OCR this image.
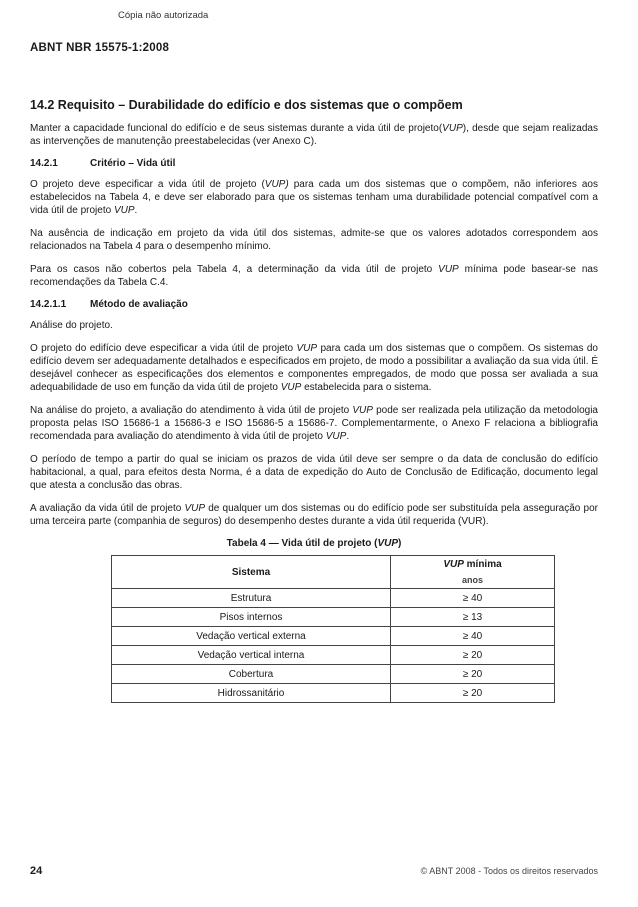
Cópia não autorizada
ABNT NBR 15575-1:2008
14.2 Requisito – Durabilidade do edifício e dos sistemas que o compõem

Manter a capacidade funcional do edifício e de seus sistemas durante a vida útil de projeto(VUP), desde que sejam realizadas as intervenções de manutenção preestabelecidas (ver Anexo C).

14.2.1	Critério – Vida útil

O projeto deve especificar a vida útil de projeto (VUP) para cada um dos sistemas que o compõem, não inferiores aos estabelecidos na Tabela 4, e deve ser elaborado para que os sistemas tenham uma durabilidade potencial compatível com a vida útil de projeto VUP.

Na ausência de indicação em projeto da vida útil dos sistemas, admite-se que os valores adotados correspondem aos relacionados na Tabela 4 para o desempenho mínimo.

Para os casos não cobertos pela Tabela 4, a determinação da vida útil de projeto VUP mínima pode basear-se nas recomendações da Tabela C.4.

14.2.1.1 Método de avaliação

Análise do projeto.

O projeto do edifício deve especificar a vida útil de projeto VUP para cada um dos sistemas que o compõem. Os sistemas do edifício devem ser adequadamente detalhados e especificados em projeto, de modo a possibilitar a avaliação da sua vida útil. É desejável conhecer as especificações dos elementos e componentes empregados, de modo que possa ser avaliada a sua adequabilidade de uso em função da vida útil de projeto VUP estabelecida para o sistema.

Na análise do projeto, a avaliação do atendimento à vida útil de projeto VUP pode ser realizada pela utilização da metodologia proposta pelas ISO 15686-1 a 15686-3 e ISO 15686-5 a 15686-7. Complementarmente, o Anexo F relaciona a bibliografia recomendada para avaliação do atendimento à vida útil de projeto VUP.

O período de tempo a partir do qual se iniciam os prazos de vida útil deve ser sempre o da data de conclusão do edifício habitacional, a qual, para efeitos desta Norma, é a data de expedição do Auto de Conclusão de Edificação, documento legal que atesta a conclusão das obras.

A avaliação da vida útil de projeto VUP de qualquer um dos sistemas ou do edifício pode ser substituída pela asseguração por uma terceira parte (companhia de seguros) do desempenho destes durante a vida útil requerida (VUR).

Tabela 4 — Vida útil de projeto (VUP)
Sistema	VUP mínima
anos

Estrutura	≥ 40
Pisos internos	≥ 13
Vedação vertical externa	≥ 40
Vedação vertical interna	≥ 20
Cobertura	≥ 20
Hidrossanitário	≥ 20
24	© ABNT 2008 - Todos os direitos reservados
